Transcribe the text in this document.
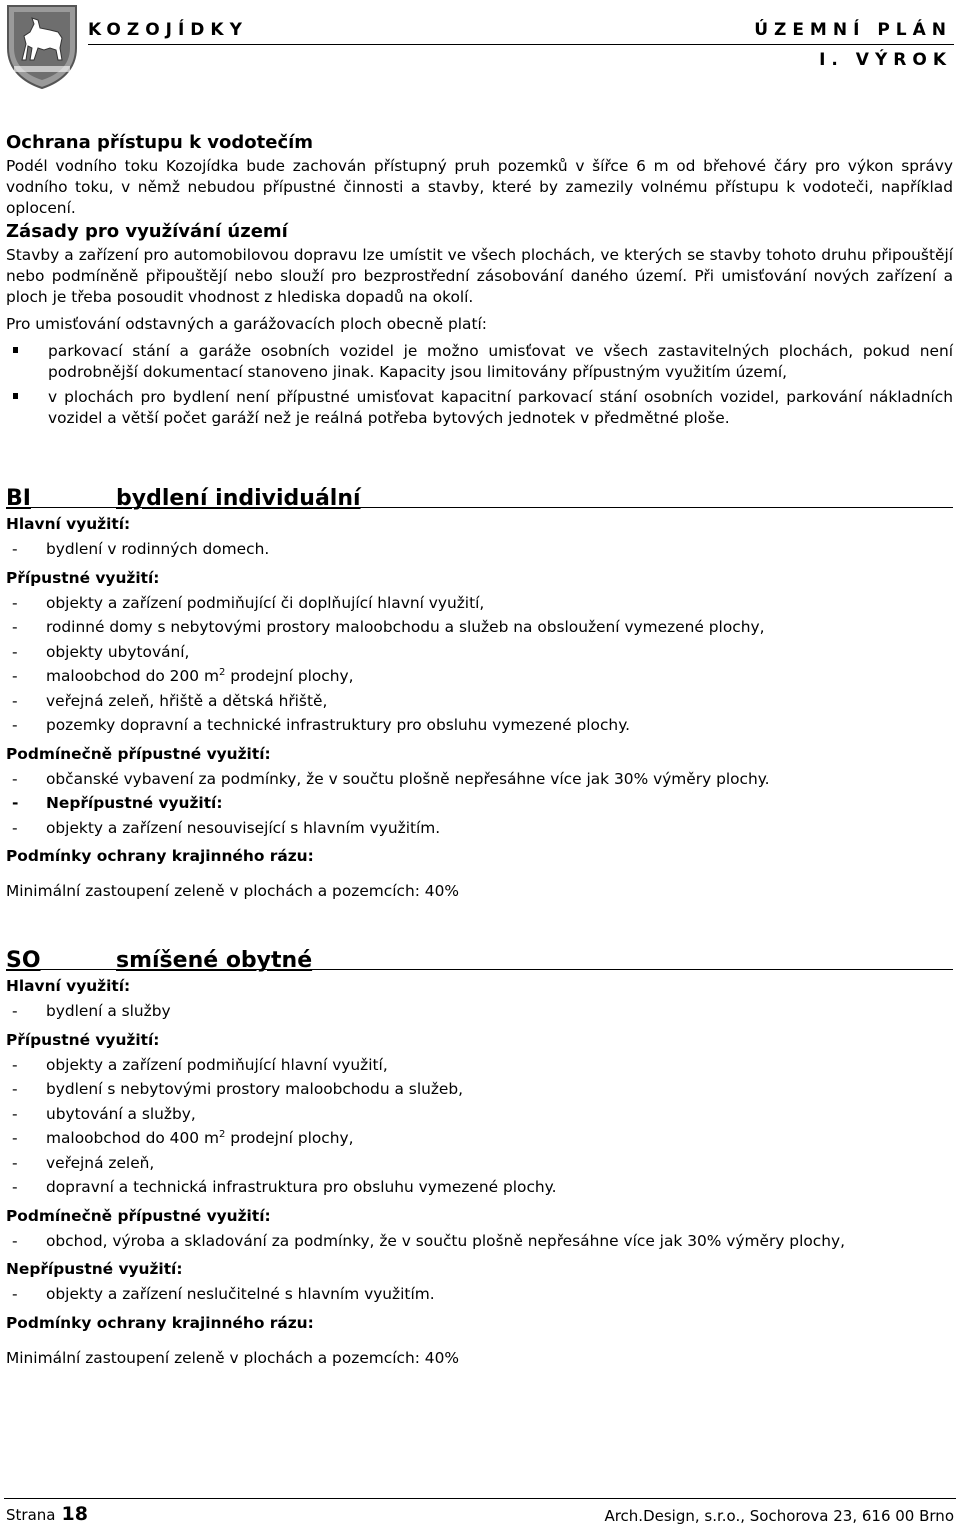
KOZOJÍDKY	ÚZEMNÍ PLÁN
I. VÝROK
Ochrana přístupu k vodotečím

Podél vodního toku Kozojídka bude zachován přístupný pruh pozemků v šířce 6 m od břehové čáry pro výkon správy vodního toku, v němž nebudou přípustné činnosti a stavby, které by zamezily volnému přístupu k vodoteči, například oplocení.

Zásady pro využívání území

Stavby a zařízení pro automobilovou dopravu lze umístit ve všech plochách, ve kterých se stavby tohoto druhu připouštějí nebo podmíněně připouštějí nebo slouží pro bezprostřední zásobování daného území. Při umisťování nových zařízení a ploch je třeba posoudit vhodnost z hlediska dopadů na okolí.

Pro umisťování odstavných a garážovacích ploch obecně platí:

parkovací stání a garáže osobních vozidel je možno umisťovat ve všech zastavitelných plochách, pokud není podrobnější dokumentací stanoveno jinak. Kapacity jsou limitovány přípustným využitím území,
v plochách pro bydlení není přípustné umisťovat kapacitní parkovací stání osobních vozidel, parkování nákladních vozidel a větší počet garáží než je reálná potřeba bytových jednotek v předmětné ploše.
BI	bydlení individuální
Hlavní využití:
- bydlení v rodinných domech.
Přípustné využití:
- objekty a zařízení podmiňující či doplňující hlavní využití,
- rodinné domy s nebytovými prostory maloobchodu a služeb na obsloužení vymezené plochy,
- objekty ubytování,
- maloobchod do 200 $m^2$ prodejní plochy,
- veřejná zeleň, hřiště a dětská hřiště,
- pozemky dopravní a technické infrastruktury pro obsluhu vymezené plochy.
Podmínečně přípustné využití:
- občanské vybavení za podmínky, že v součtu plošně nepřesáhne více jak 30% výměry plochy.
- Nepřípustné využití:
- objekty a zařízení nesouvisející s hlavním využitím.
Podmínky ochrany krajinného rázu:

Minimální zastoupení zeleně v plochách a pozemcích: 40%

SO	smíšené obytné
Hlavní využití:
- bydlení a služby
Přípustné využití:
- objekty a zařízení podmiňující hlavní využití,
- bydlení s nebytovými prostory maloobchodu a služeb,
- ubytování a služby,
- maloobchod do 400 $m^2$ prodejní plochy,
- veřejná zeleň,
- dopravní a technická infrastruktura pro obsluhu vymezené plochy.
Podmínečně přípustné využití:
- obchod, výroba a skladování za podmínky, že v součtu plošně nepřesáhne více jak 30% výměry plochy,
Nepřípustné využití:
- objekty a zařízení neslučitelné s hlavním využitím.
Podmínky ochrany krajinného rázu:

Minimální zastoupení zeleně v plochách a pozemcích: 40%

Strana 18	Arch.Design, s.r.o., Sochorova 23, 616 00 Brno
